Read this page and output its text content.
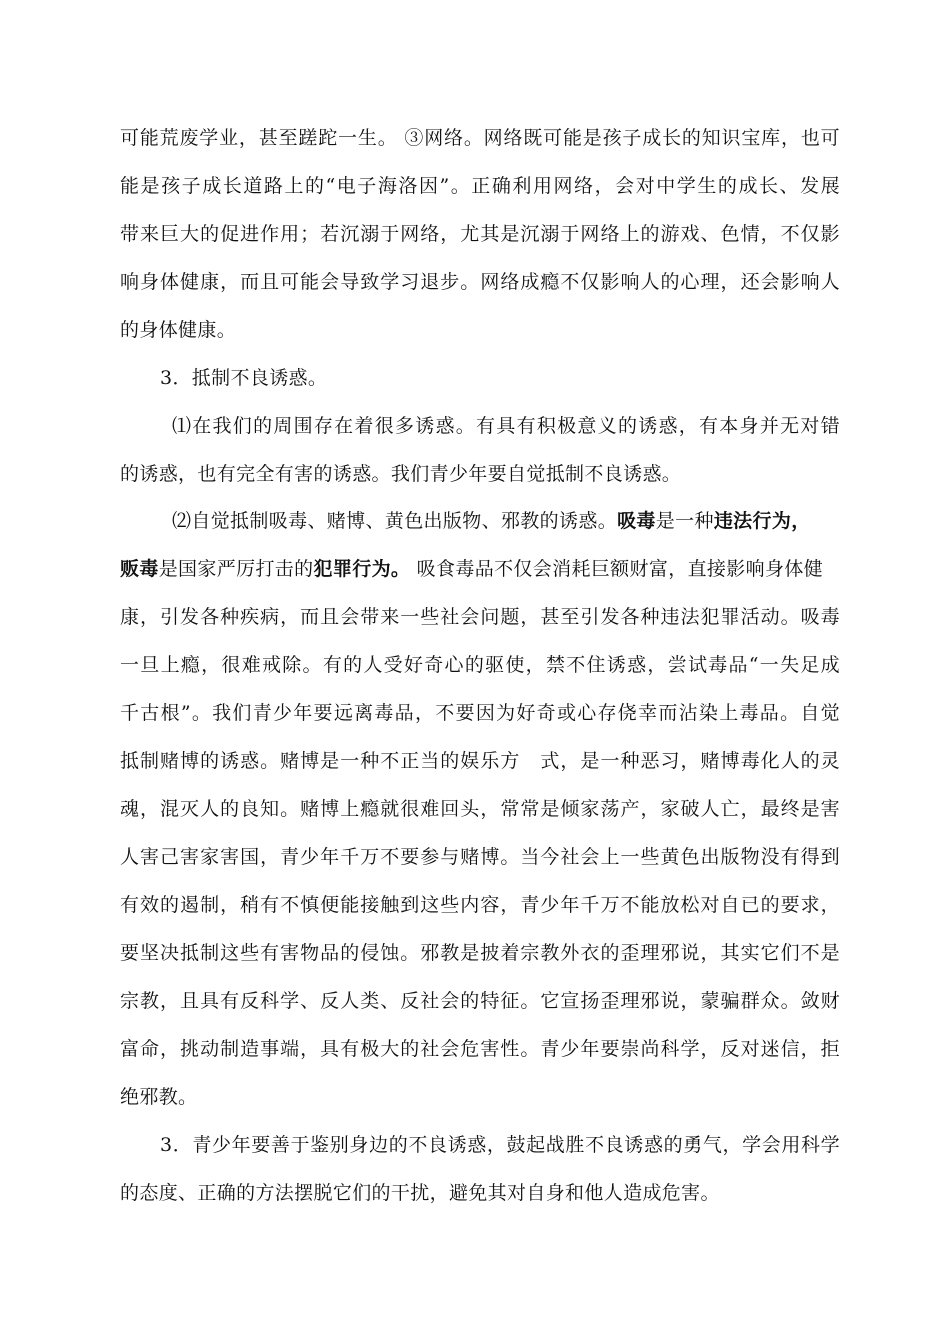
可能荒废学业，甚至蹉跎一生。 ③网络。网络既可能是孩子成长的知识宝库，也可
能是孩子成长道路上的“电子海洛因”。正确利用网络，会对中学生的成长、发展
带来巨大的促进作用；若沉溺于网络，尤其是沉溺于网络上的游戏、色情，不仅影
响身体健康，而且可能会导致学习退步。网络成瘾不仅影响人的心理，还会影响人
的身体健康。
3．抵制不良诱惑。
⑴在我们的周围存在着很多诱惑。有具有积极意义的诱惑，有本身并无对错
的诱惑，也有完全有害的诱惑。我们青少年要自觉抵制不良诱惑。
⑵自觉抵制吸毒、赌博、黄色出版物、邪教的诱惑。吸毒是一种违法行为，
贩毒是国家严厉打击的犯罪行为。 吸食毒品不仅会消耗巨额财富，直接影响身体健
康，引发各种疾病，而且会带来一些社会问题，甚至引发各种违法犯罪活动。吸毒
一旦上瘾，很难戒除。有的人受好奇心的驱使，禁不住诱惑，尝试毒品“一失足成
千古根”。我们青少年要远离毒品，不要因为好奇或心存侥幸而沾染上毒品。自觉
抵制赌博的诱惑。赌博是一种不正当的娱乐方　式，是一种恶习，赌博毒化人的灵
魂，混灭人的良知。赌博上瘾就很难回头，常常是倾家荡产，家破人亡，最终是害
人害己害家害国，青少年千万不要参与赌博。当今社会上一些黄色出版物没有得到
有效的遏制，稍有不慎便能接触到这些内容，青少年千万不能放松对自已的要求，
要坚决抵制这些有害物品的侵蚀。邪教是披着宗教外衣的歪理邪说，其实它们不是
宗教，且具有反科学、反人类、反社会的特征。它宣扬歪理邪说，蒙骗群众。敛财
富命，挑动制造事端，具有极大的社会危害性。青少年要崇尚科学，反对迷信，拒
绝邪教。
3．青少年要善于鉴别身边的不良诱惑，鼓起战胜不良诱惑的勇气，学会用科学
的态度、正确的方法摆脱它们的干扰，避免其对自身和他人造成危害。
